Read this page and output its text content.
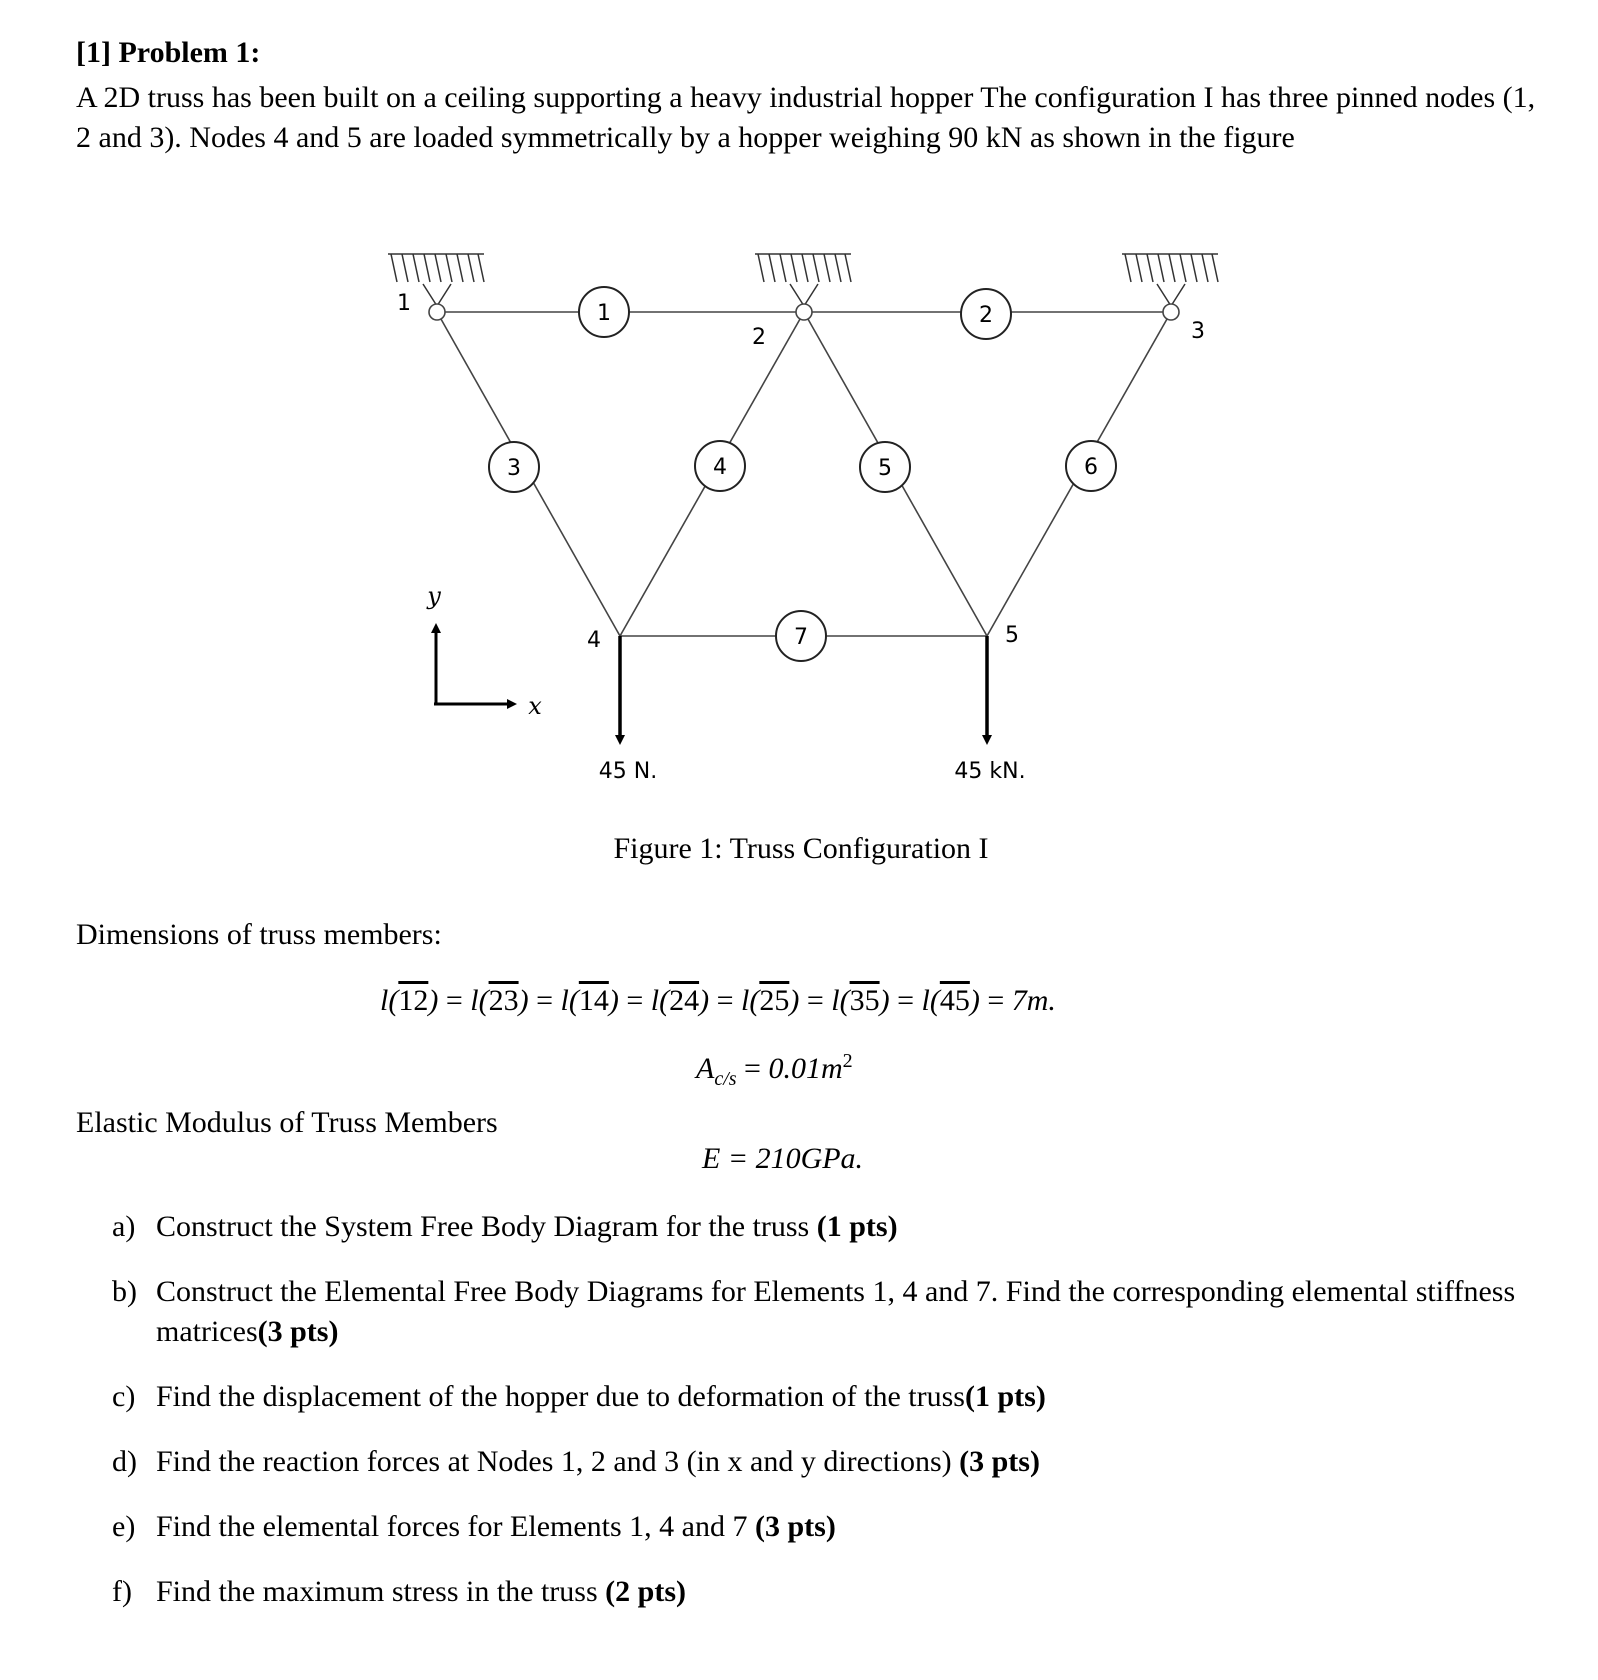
[1] Problem 1:
A 2D truss has been built on a ceiling supporting a heavy industrial hopper The configuration I has three pinned nodes (1, 2 and 3). Nodes 4 and 5 are loaded symmetrically by a hopper weighing 90 kN as shown in the figure
1
2	3
4	5
1	2
3	4	5	6
7
45 N.	45 kN.
y
x
Figure 1: Truss Configuration I
Dimensions of truss members:
l(12) = l(23) = l(14) = l(24) = l(25) = l(35) = l(45) = 7m.
$A_{c/s} = 0.01m^2$
Elastic Modulus of Truss Members
E = 210GPa.
a) Construct the System Free Body Diagram for the truss (1 pts)
b) Construct the Elemental Free Body Diagrams for Elements 1, 4 and 7. Find the corresponding elemental stiffness matrices(3 pts)
c) Find the displacement of the hopper due to deformation of the truss(1 pts)
d) Find the reaction forces at Nodes 1, 2 and 3 (in x and y directions) (3 pts)
e) Find the elemental forces for Elements 1, 4 and 7 (3 pts)
f) Find the maximum stress in the truss (2 pts)
